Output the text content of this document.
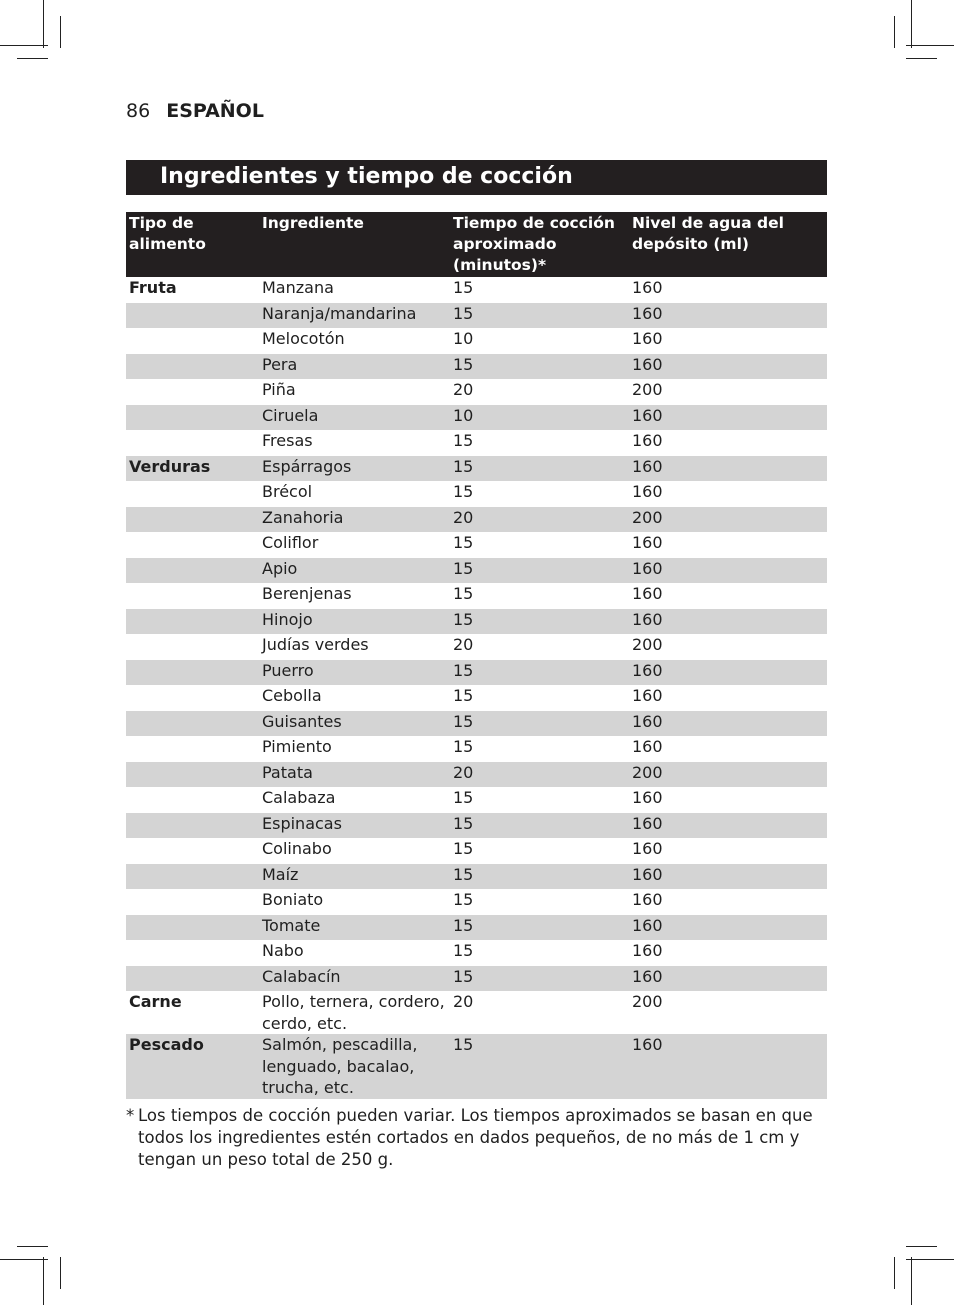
86 ESPAÑOL
Ingredientes y tiempo de cocción
Tipo de alimento	Ingrediente	Tiempo de cocción aproximado (minutos)*	Nivel de agua del depósito (ml)
Fruta	Manzana	15	160
	Naranja/mandarina	15	160
	Melocotón	10	160
	Pera	15	160
	Piña	20	200
	Ciruela	10	160
	Fresas	15	160
Verduras	Espárragos	15	160
	Brécol	15	160
	Zanahoria	20	200
	Coliflor	15	160
	Apio	15	160
	Berenjenas	15	160
	Hinojo	15	160
	Judías verdes	20	200
	Puerro	15	160
	Cebolla	15	160
	Guisantes	15	160
	Pimiento	15	160
	Patata	20	200
	Calabaza	15	160
	Espinacas	15	160
	Colinabo	15	160
	Maíz	15	160
	Boniato	15	160
	Tomate	15	160
	Nabo	15	160
	Calabacín	15	160
Carne	Pollo, ternera, cordero, cerdo, etc.	20	200
Pescado	Salmón, pescadilla, lenguado, bacalao, trucha, etc.	15	160
* Los tiempos de cocción pueden variar. Los tiempos aproximados se basan en que todos los ingredientes estén cortados en dados pequeños, de no más de 1 cm y tengan un peso total de 250 g.
